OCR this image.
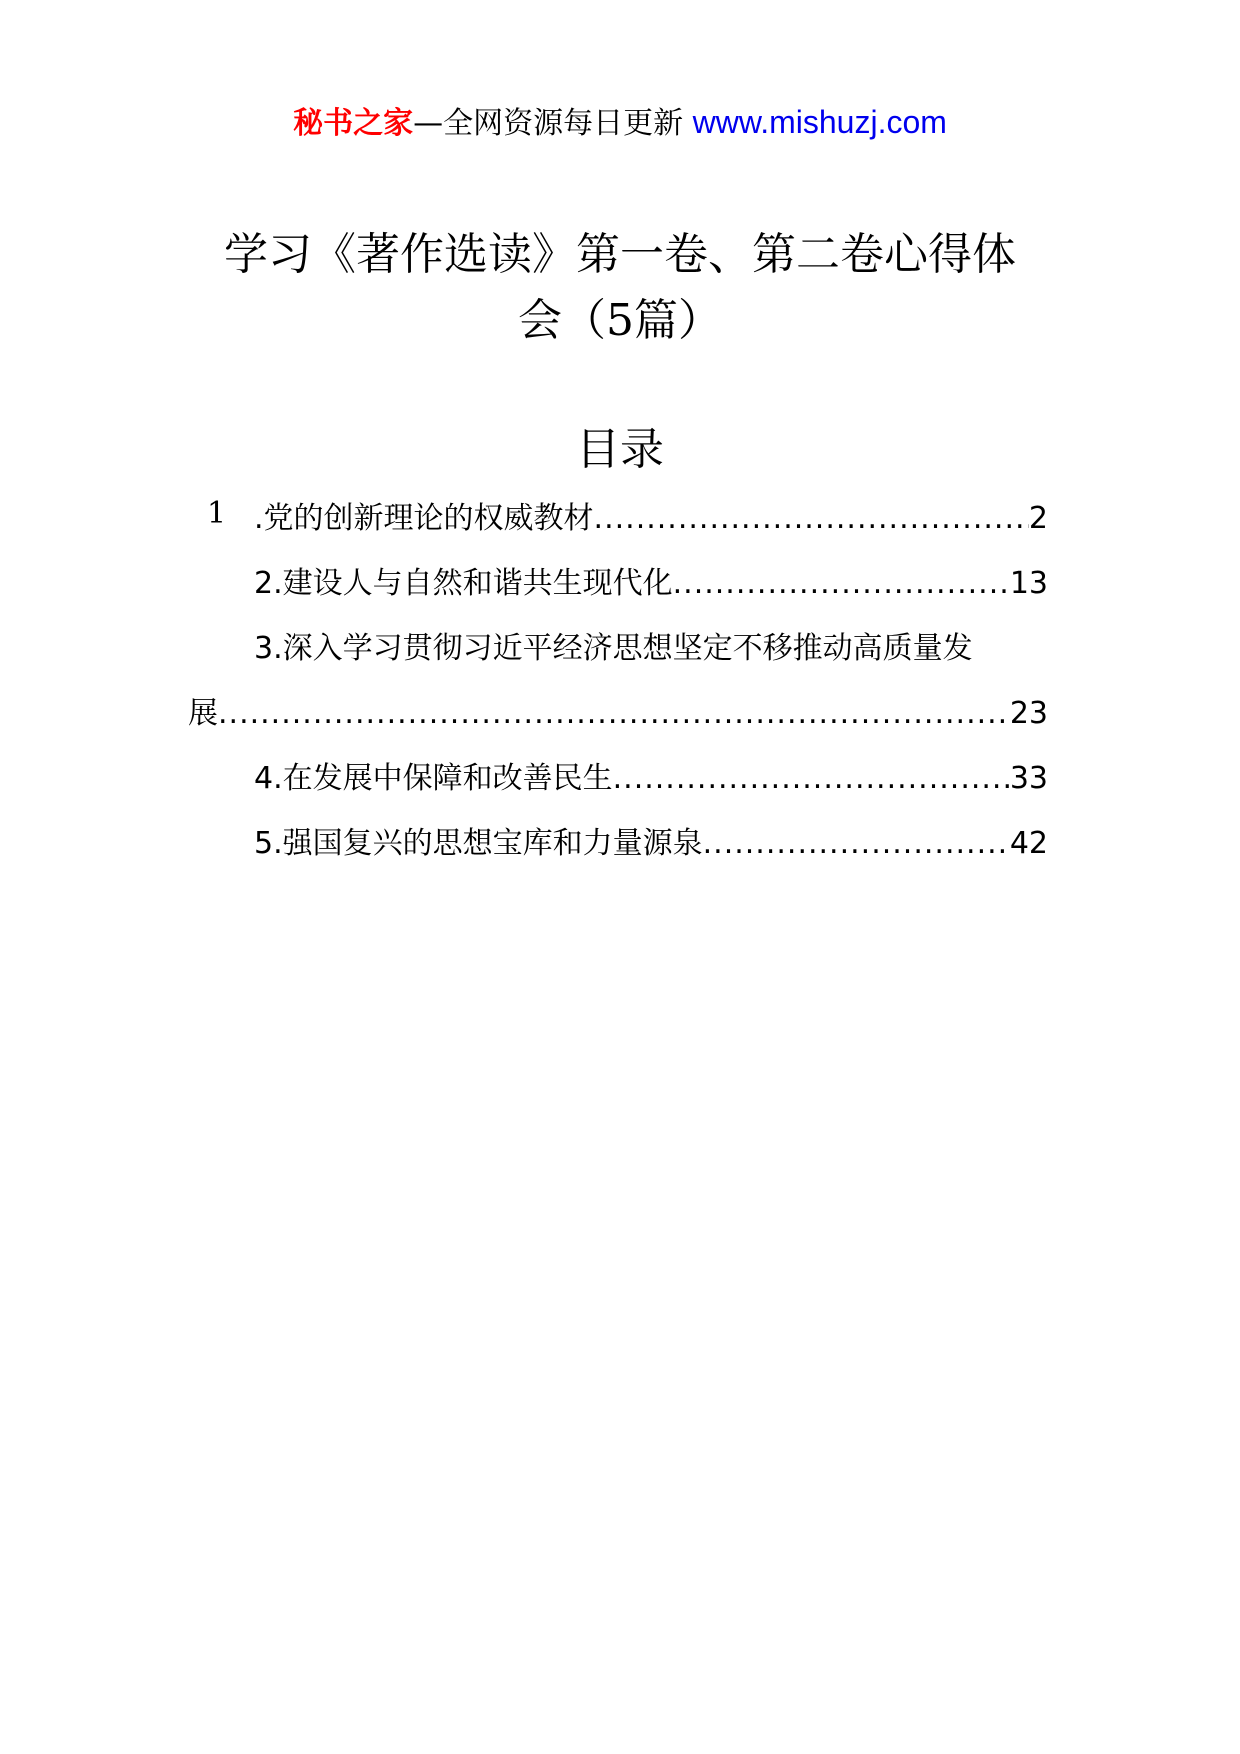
秘书之家—全网资源每日更新 www.mishuzj.com
学习《著作选读》第一卷、第二卷心得体
会（5篇）
目录
1 .党的创新理论的权威教材 .....	2
2.建设人与自然和谐共生现代化 .....	13
3.深入学习贯彻习近平经济思想坚定不移推动高质量发
展 .....	23
4.在发展中保障和改善民生 .....	33
5.强国复兴的思想宝库和力量源泉 .....	42
